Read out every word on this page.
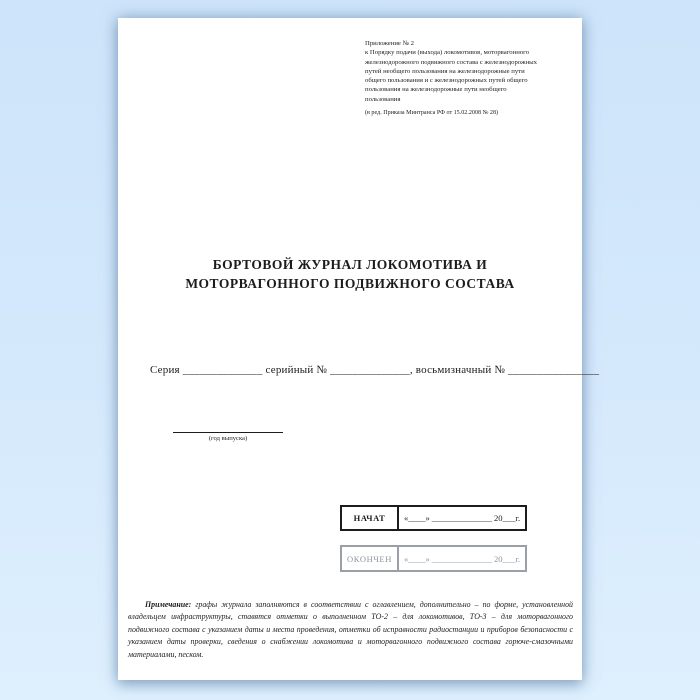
Приложение № 2
к Порядку подачи (выхода) локомотивов, моторвагонного железнодорожного подвижного состава с железнодорожных путей необщего пользования на железнодорожные пути общего пользования и с железнодорожных путей общего пользования на железнодорожные пути необщего пользования
(в ред. Приказа Минтранса РФ от 15.02.2008 № 28)
БОРТОВОЙ ЖУРНАЛ ЛОКОМОТИВА И
МОТОРВАГОННОГО ПОДВИЖНОГО СОСТАВА
Серия ______________ серийный № ______________, восьмизначный № ________________
(год выпуска)
НАЧАТ	«____» ______________ 20 ___ г.
ОКОНЧЕН	«____» ______________ 20 ___ г.
Примечание: графы журнала заполняются в соответствии с оглавлением, дополнительно – по форме, установленной владельцем инфраструктуры, ставятся отметки о выполненном ТО-2 – для локомотивов, ТО-3 – для моторвагонного подвижного состава с указанием даты и места проведения, отметки об исправности радиостанции и приборов безопасности с указанием даты проверки, сведения о снабжении локомотива и моторвагонного подвижного состава горюче-смазочными материалами, песком.
